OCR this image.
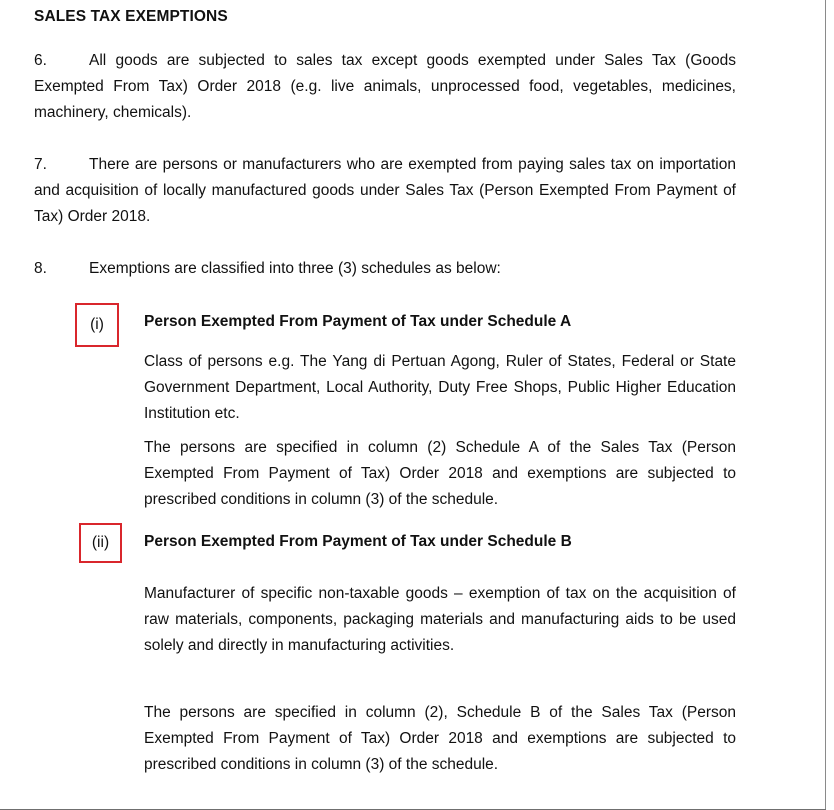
SALES TAX EXEMPTIONS
6.	All goods are subjected to sales tax except goods exempted under Sales Tax (Goods Exempted From Tax) Order 2018 (e.g. live animals, unprocessed food, vegetables, medicines, machinery, chemicals).
7.	There are persons or manufacturers who are exempted from paying sales tax on importation and acquisition of locally manufactured goods under Sales Tax (Person Exempted From Payment of Tax) Order 2018.
8.	Exemptions are classified into three (3) schedules as below:
(i)	Person Exempted From Payment of Tax under Schedule A
Class of persons e.g. The Yang di Pertuan Agong, Ruler of States, Federal or State Government Department, Local Authority, Duty Free Shops, Public Higher Education Institution etc.
The persons are specified in column (2) Schedule A of the Sales Tax (Person Exempted From Payment of Tax) Order 2018 and exemptions are subjected to prescribed conditions in column (3) of the schedule.
(ii)	Person Exempted From Payment of Tax under Schedule B
Manufacturer of specific non-taxable goods – exemption of tax on the acquisition of raw materials, components, packaging materials and manufacturing aids to be used solely and directly in manufacturing activities.
The persons are specified in column (2), Schedule B of the Sales Tax (Person Exempted From Payment of Tax) Order 2018 and exemptions are subjected to prescribed conditions in column (3) of the schedule.
